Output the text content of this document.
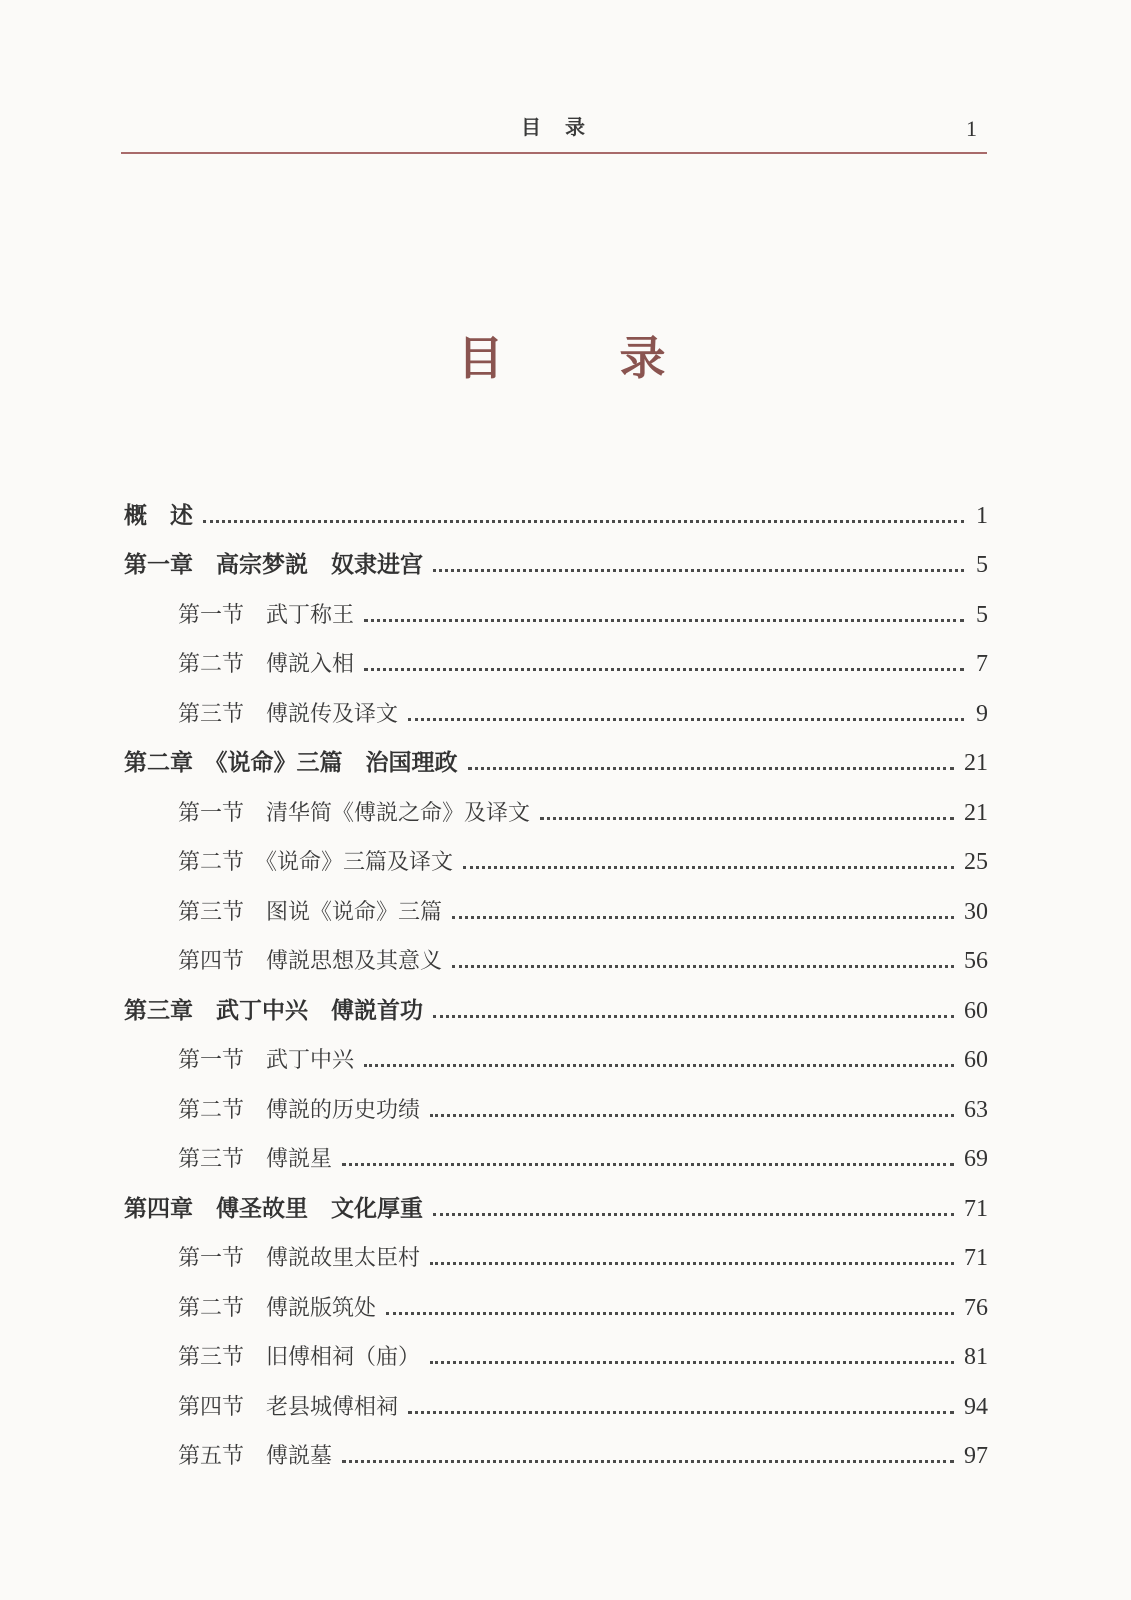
目　录	1
目　　录
概　述	1
第一章　高宗梦説　奴隶进宫	5
第一节　武丁称王	5
第二节　傅説入相	7
第三节　傅説传及译文	9
第二章　《说命》三篇　治国理政	21
第一节　清华简《傅説之命》及译文	21
第二节　《说命》三篇及译文	25
第三节　图说《说命》三篇	30
第四节　傅説思想及其意义	56
第三章　武丁中兴　傅説首功	60
第一节　武丁中兴	60
第二节　傅説的历史功绩	63
第三节　傅説星	69
第四章　傅圣故里　文化厚重	71
第一节　傅説故里太臣村	71
第二节　傅説版筑处	76
第三节　旧傅相祠（庙）	81
第四节　老县城傅相祠	94
第五节　傅説墓	97
